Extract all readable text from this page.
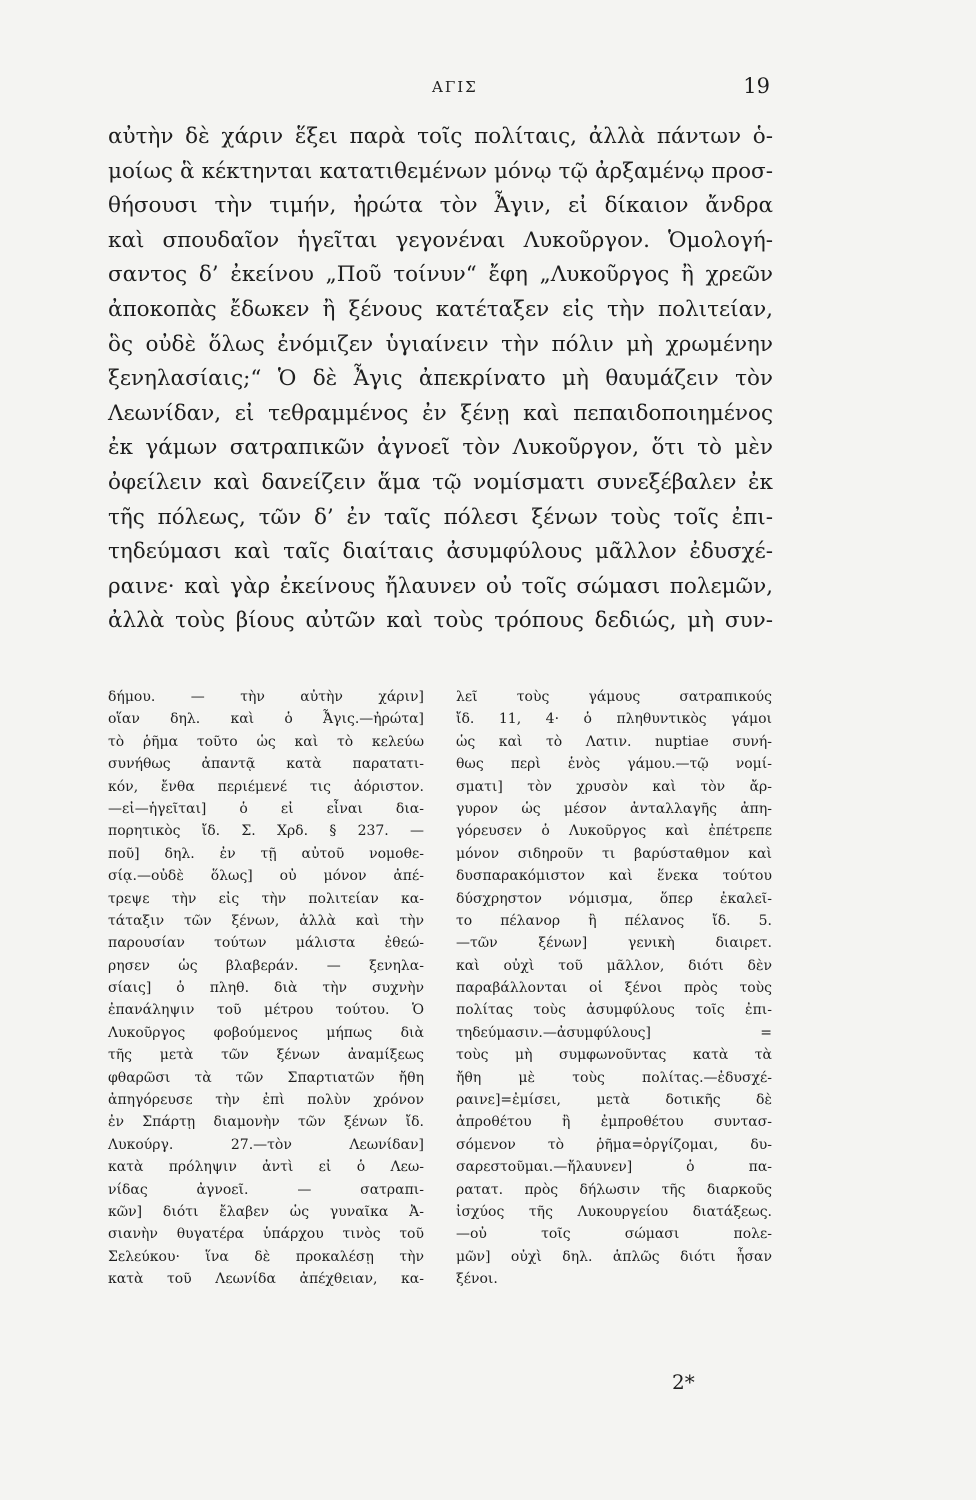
ΑΓΙΣ	19
αὐτὴν δὲ χάριν ἕξει παρὰ τοῖς πολίταις, ἀλλὰ πάντων ὁ-
μοίως ἃ κέκτηνται κατατιθεμένων μόνῳ τῷ ἀρξαμένῳ προσ-
θήσουσι τὴν τιμήν, ἠρώτα τὸν Ἆγιν, εἰ δίκαιον ἄνδρα
καὶ σπουδαῖον ἡγεῖται γεγονέναι Λυκοῦργον. Ὁμολογή-
σαντος δ’ ἐκείνου „Ποῦ τοίνυν“ ἔφη „Λυκοῦργος ἢ χρεῶν
ἀποκοπὰς ἔδωκεν ἢ ξένους κατέταξεν εἰς τὴν πολιτείαν,
ὃς οὐδὲ ὅλως ἐνόμιζεν ὑγιαίνειν τὴν πόλιν μὴ χρωμένην
ξενηλασίαις;“ Ὁ δὲ Ἆγις ἀπεκρίνατο μὴ θαυμάζειν τὸν
Λεωνίδαν, εἰ τεθραμμένος ἐν ξένῃ καὶ πεπαιδοποιημένος
ἐκ γάμων σατραπικῶν ἀγνοεῖ τὸν Λυκοῦργον, ὅτι τὸ μὲν
ὀφείλειν καὶ δανείζειν ἅμα τῷ νομίσματι συνεξέβαλεν ἐκ
τῆς πόλεως, τῶν δ’ ἐν ταῖς πόλεσι ξένων τοὺς τοῖς ἐπι-
τηδεύμασι καὶ ταῖς διαίταις ἀσυμφύλους μᾶλλον ἐδυσχέ-
ραινε· καὶ γὰρ ἐκείνους ἤλαυνεν οὐ τοῖς σώμασι πολεμῶν,
ἀλλὰ τοὺς βίους αὐτῶν καὶ τοὺς τρόπους δεδιώς, μὴ συν-
δήμου. — τὴν αὐτὴν χάριν]
οἵαν δηλ. καὶ ὁ Ἆγις.—ἠρώτα]
τὸ ῥῆμα τοῦτο ὡς καὶ τὸ κελεύω
συνήθως ἀπαντᾷ κατὰ παρατατι-
κόν, ἔνθα περιέμενέ τις ἀόριστον.
—εἰ—ἡγεῖται] ὁ εἰ εἶναι δια-
πορητικὸς ἴδ. Σ. Χρδ. § 237. —
ποῦ] δηλ. ἐν τῇ αὐτοῦ νομοθε-
σίᾳ.—οὐδὲ ὅλως] οὐ μόνον ἀπέ-
τρεψε τὴν εἰς τὴν πολιτείαν κα-
τάταξιν τῶν ξένων, ἀλλὰ καὶ τὴν
παρουσίαν τούτων μάλιστα ἐθεώ-
ρησεν ὡς βλαβεράν. — ξενηλα-
σίαις] ὁ πληθ. διὰ τὴν συχνὴν
ἐπανάληψιν τοῦ μέτρου τούτου. Ὁ
Λυκοῦργος φοβούμενος μήπως διὰ
τῆς μετὰ τῶν ξένων ἀναμίξεως
φθαρῶσι τὰ τῶν Σπαρτιατῶν ἤθη
ἀπηγόρευσε τὴν ἐπὶ πολὺν χρόνον
ἐν Σπάρτῃ διαμονὴν τῶν ξένων ἴδ.
Λυκούργ. 27.—τὸν Λεωνίδαν]
κατὰ πρόληψιν ἀντὶ εἰ ὁ Λεω-
νίδας ἀγνοεῖ. — σατραπι-
κῶν] διότι ἔλαβεν ὡς γυναῖκα Ἀ-
σιανὴν θυγατέρα ὑπάρχου τινὸς τοῦ
Σελεύκου· ἵνα δὲ προκαλέσῃ τὴν
κατὰ τοῦ Λεωνίδα ἀπέχθειαν, κα-
λεῖ τοὺς γάμους σατραπικούς
ἴδ. 11, 4· ὁ πληθυντικὸς γάμοι
ὡς καὶ τὸ Λατιν. nuptiae συνή-
θως περὶ ἑνὸς γάμου.—τῷ νομί-
σματι] τὸν χρυσὸν καὶ τὸν ἄρ-
γυρον ὡς μέσον ἀνταλλαγῆς ἀπη-
γόρευσεν ὁ Λυκοῦργος καὶ ἐπέτρεπε
μόνον σιδηροῦν τι βαρύσταθμον καὶ
δυσπαρακόμιστον καὶ ἕνεκα τούτου
δύσχρηστον νόμισμα, ὅπερ ἐκαλεῖ-
το πέλανορ ἢ πέλανος ἴδ. 5.
—τῶν ξένων] γενικὴ διαιρετ.
καὶ οὐχὶ τοῦ μᾶλλον, διότι δὲν
παραβάλλονται οἱ ξένοι πρὸς τοὺς
πολίτας τοὺς ἀσυμφύλους τοῖς ἐπι-
τηδεύμασιν.—ἀσυμφύλους] =
τοὺς μὴ συμφωνοῦντας κατὰ τὰ
ἤθη μὲ τοὺς πολίτας.—ἐδυσχέ-
ραινε]=ἐμίσει, μετὰ δοτικῆς δὲ
ἀπροθέτου ἢ ἐμπροθέτου συντασ-
σόμενον τὸ ῥῆμα=ὀργίζομαι, δυ-
σαρεστοῦμαι.—ἤλαυνεν] ὁ πα-
ρατατ. πρὸς δήλωσιν τῆς διαρκοῦς
ἰσχύος τῆς Λυκουργείου διατάξεως.
—οὐ τοῖς σώμασι πολε-
μῶν] οὐχὶ δηλ. ἁπλῶς διότι ἦσαν
ξένοι.
2*
